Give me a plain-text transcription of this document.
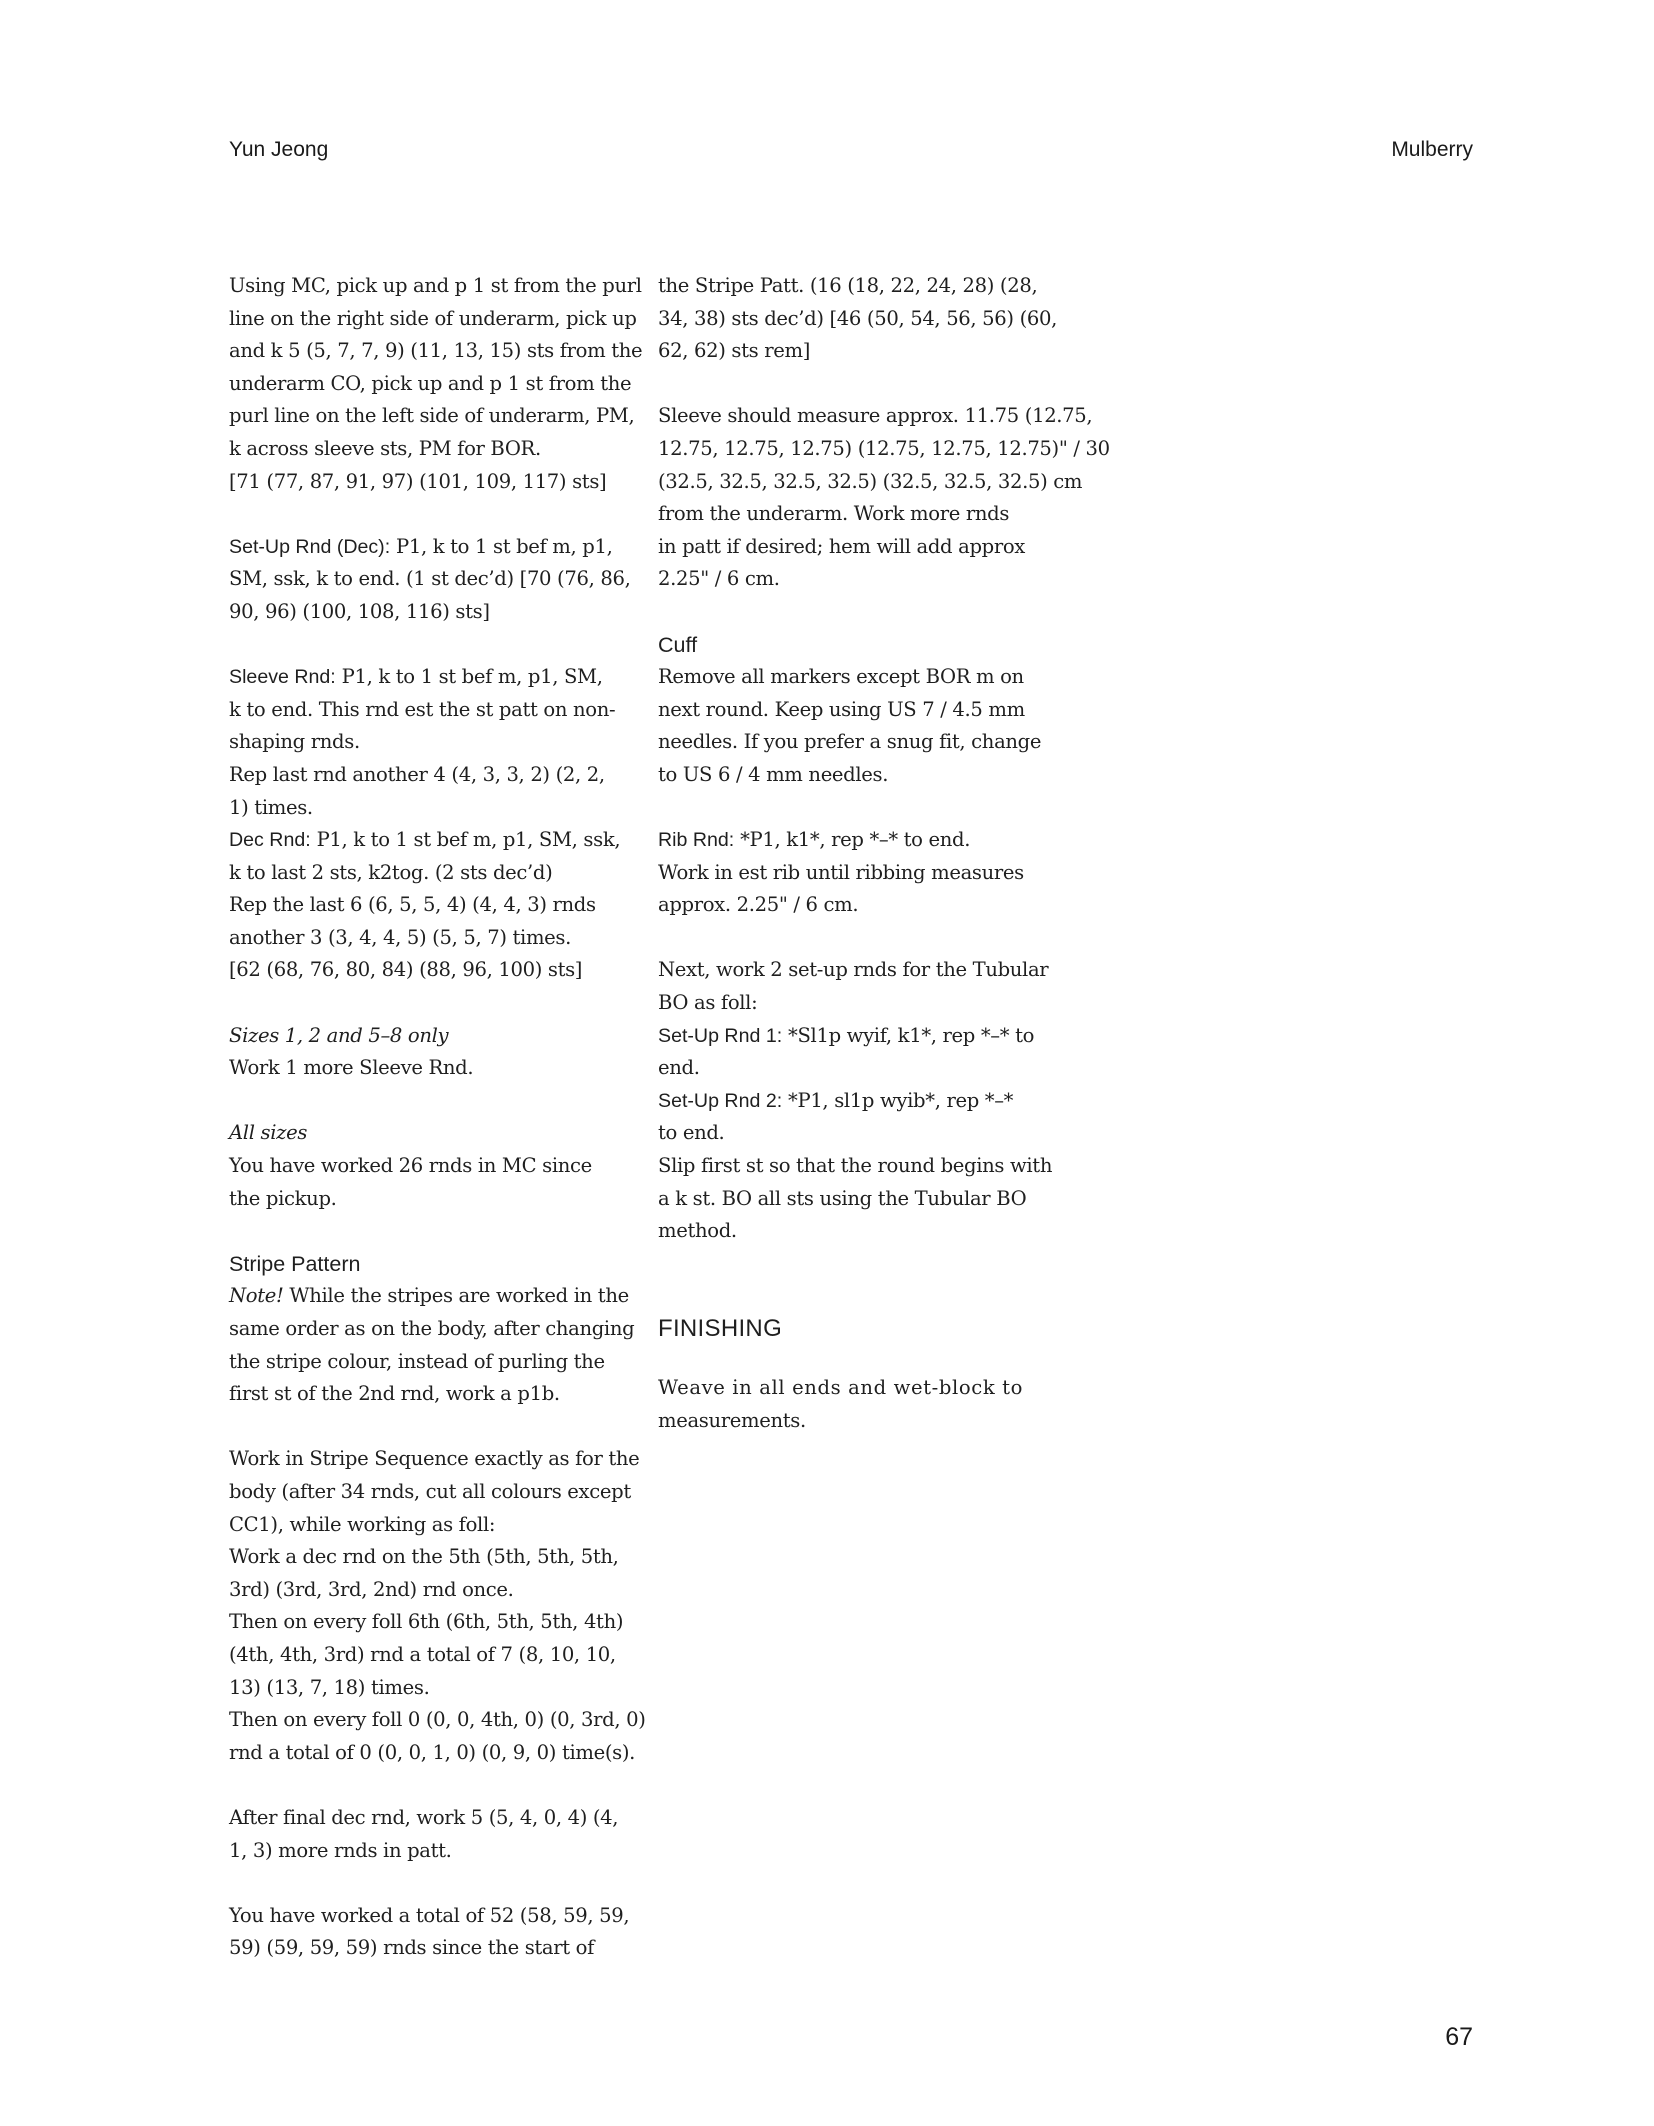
Yun Jeong	Mulberry
Using MC, pick up and p 1 st from the purl
line on the right side of underarm, pick up
and k 5 (5, 7, 7, 9) (11, 13, 15) sts from the
underarm CO, pick up and p 1 st from the
purl line on the left side of underarm, PM,
k across sleeve sts, PM for BOR.
[71 (77, 87, 91, 97) (101, 109, 117) sts]
Set-Up Rnd (Dec): P1, k to 1 st bef m, p1,
SM, ssk, k to end. (1 st dec’d) [70 (76, 86,
90, 96) (100, 108, 116) sts]
Sleeve Rnd: P1, k to 1 st bef m, p1, SM,
k to end. This rnd est the st patt on non-
shaping rnds.
Rep last rnd another 4 (4, 3, 3, 2) (2, 2,
1) times.
Dec Rnd: P1, k to 1 st bef m, p1, SM, ssk,
k to last 2 sts, k2tog. (2 sts dec’d)
Rep the last 6 (6, 5, 5, 4) (4, 4, 3) rnds
another 3 (3, 4, 4, 5) (5, 5, 7) times.
[62 (68, 76, 80, 84) (88, 96, 100) sts]
Sizes 1, 2 and 5–8 only
Work 1 more Sleeve Rnd.
All sizes
You have worked 26 rnds in MC since
the pickup.
Stripe Pattern
Note! While the stripes are worked in the
same order as on the body, after changing
the stripe colour, instead of purling the
first st of the 2nd rnd, work a p1b.
Work in Stripe Sequence exactly as for the
body (after 34 rnds, cut all colours except
CC1), while working as foll:
Work a dec rnd on the 5th (5th, 5th, 5th,
3rd) (3rd, 3rd, 2nd) rnd once.
Then on every foll 6th (6th, 5th, 5th, 4th)
(4th, 4th, 3rd) rnd a total of 7 (8, 10, 10,
13) (13, 7, 18) times.
Then on every foll 0 (0, 0, 4th, 0) (0, 3rd, 0)
rnd a total of 0 (0, 0, 1, 0) (0, 9, 0) time(s).
After final dec rnd, work 5 (5, 4, 0, 4) (4,
1, 3) more rnds in patt.
You have worked a total of 52 (58, 59, 59,
59) (59, 59, 59) rnds since the start of
the Stripe Patt. (16 (18, 22, 24, 28) (28,
34, 38) sts dec’d) [46 (50, 54, 56, 56) (60,
62, 62) sts rem]
Sleeve should measure approx. 11.75 (12.75,
12.75, 12.75, 12.75) (12.75, 12.75, 12.75)" / 30
(32.5, 32.5, 32.5, 32.5) (32.5, 32.5, 32.5) cm
from the underarm. Work more rnds
in patt if desired; hem will add approx
2.25" / 6 cm.
Cuff
Remove all markers except BOR m on
next round. Keep using US 7 / 4.5 mm
needles. If you prefer a snug fit, change
to US 6 / 4 mm needles.
Rib Rnd: *P1, k1*, rep *–* to end.
Work in est rib until ribbing measures
approx. 2.25" / 6 cm.
Next, work 2 set-up rnds for the Tubular
BO as foll:
Set-Up Rnd 1: *Sl1p wyif, k1*, rep *–* to
end.
Set-Up Rnd 2: *P1, sl1p wyib*, rep *–*
to end.
Slip first st so that the round begins with
a k st. BO all sts using the Tubular BO
method.
FINISHING
Weave in all ends and wet-block to
measurements.
67
